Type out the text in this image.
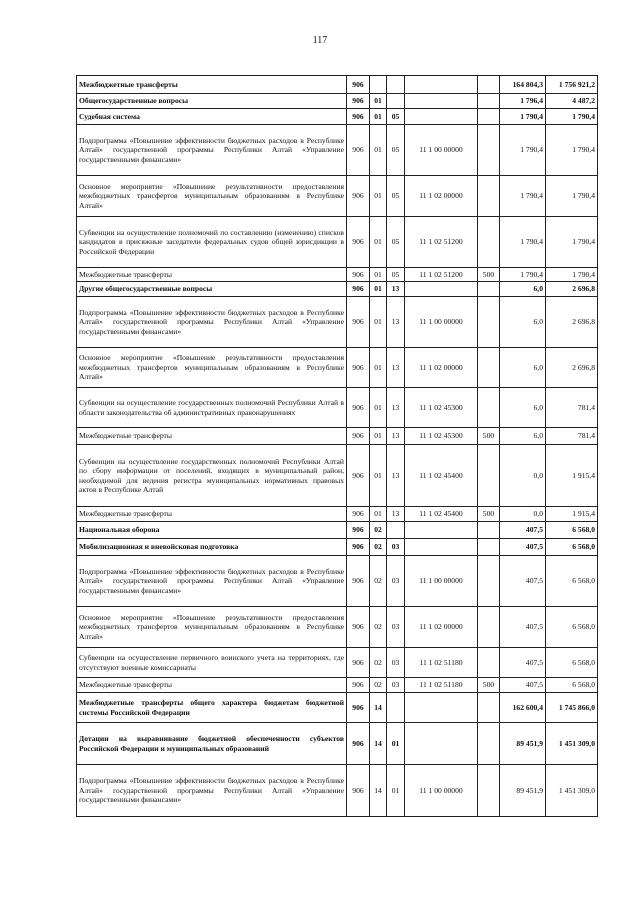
117
Межбюджетные трансферты	906					164 804,3	1 756 921,2
Общегосударственные вопросы	906	01				1 796,4	4 487,2
Судебная система	906	01	05			1 790,4	1 790,4
Подпрограмма «Повышение эффективности бюджетных расходов в Республике Алтай» государственной программы Республики Алтай «Управление государственными финансами»	906	01	05	11 1 00 00000		1 790,4	1 790,4
Основное мероприятие «Повышение результативности предоставления межбюджетных трансфертов муниципальным образованиям в Республике Алтай»	906	01	05	11 1 02 00000		1 790,4	1 790,4
Субвенции на осуществление полномочий по составлению (изменению) списков кандидатов в присяжные заседатели федеральных судов общей юрисдикции в Российской Федерации	906	01	05	11 1 02 51200		1 790,4	1 790,4
Межбюджетные трансферты	906	01	05	11 1 02 51200	500	1 790,4	1 790,4
Другие общегосударственные вопросы	906	01	13			6,0	2 696,8
Подпрограмма «Повышение эффективности бюджетных расходов в Республике Алтай» государственной программы Республики Алтай «Управление государственными финансами»	906	01	13	11 1 00 00000		6,0	2 696,8
Основное мероприятие «Повышение результативности предоставления межбюджетных трансфертов муниципальным образованиям в Республике Алтай»	906	01	13	11 1 02 00000		6,0	2 696,8
Субвенции на осуществление государственных полномочий Республики Алтай в области законодательства об административных правонарушениях	906	01	13	11 1 02 45300		6,0	781,4
Межбюджетные трансферты	906	01	13	11 1 02 45300	500	6,0	781,4
Субвенции на осуществление государственных полномочий Республики Алтай по сбору информации от поселений, входящих в муниципальный район, необходимой для ведения регистра муниципальных нормативных правовых актов в Республике Алтай	906	01	13	11 1 02 45400		0,0	1 915,4
Межбюджетные трансферты	906	01	13	11 1 02 45400	500	0,0	1 915,4
Национальная оборона	906	02				407,5	6 568,0
Мобилизационная и вневойсковая подготовка	906	02	03			407,5	6 568,0
Подпрограмма «Повышение эффективности бюджетных расходов в Республике Алтай» государственной программы Республики Алтай «Управление государственными финансами»	906	02	03	11 1 00 00000		407,5	6 568,0
Основное мероприятие «Повышение результативности предоставления межбюджетных трансфертов муниципальным образованиям в Республике Алтай»	906	02	03	11 1 02 00000		407,5	6 568,0
Субвенции на осуществление первичного воинского учета на территориях, где отсутствуют военные комиссариаты	906	02	03	11 1 02 51180		407,5	6 568,0
Межбюджетные трансферты	906	02	03	11 1 02 51180	500	407,5	6 568,0
Межбюджетные трансферты общего характера бюджетам бюджетной системы Российской Федерации	906	14				162 600,4	1 745 866,0
Дотации на выравнивание бюджетной обеспеченности субъектов Российской Федерации и муниципальных образований	906	14	01			89 451,9	1 451 309,0
Подпрограмма «Повышение эффективности бюджетных расходов в Республике Алтай» государственной программы Республики Алтай «Управление государственными финансами»	906	14	01	11 1 00 00000		89 451,9	1 451 309,0
